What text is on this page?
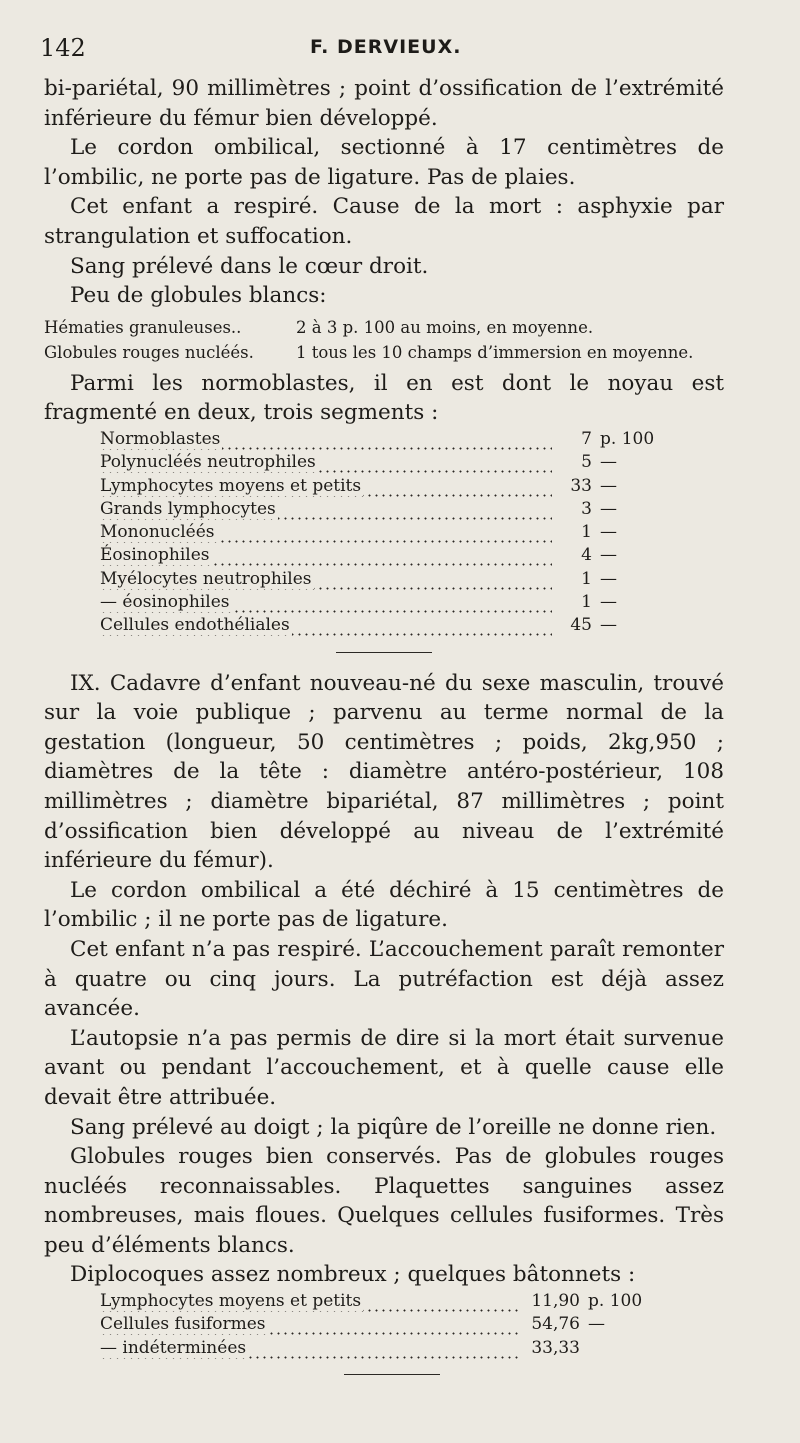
142	F. DERVIEUX.

bi-pariétal, 90 millimètres ; point d’ossification de l’extrémité inférieure du fémur bien développé.

Le cordon ombilical, sectionné à 17 centimètres de l’ombilic, ne porte pas de ligature. Pas de plaies.

Cet enfant a respiré. Cause de la mort : asphyxie par strangulation et suffocation.

Sang prélevé dans le cœur droit.

Peu de globules blancs:

Hématies granuleuses..	2 à 3 p. 100 au moins, en moyenne.
Globules rouges nucléés.	1 tous les 10 champs d’immersion en moyenne.

Parmi les normoblastes, il en est dont le noyau est fragmenté en deux, trois segments :

Normoblastes	7	p. 100
Polynucléés neutrophiles	5	—
Lymphocytes moyens et petits	33	—
Grands lymphocytes	3	—
Mononucléés	1	—
Éosinophiles	4	—
Myélocytes neutrophiles	1	—
— éosinophiles	1	—
Cellules endothéliales	45	—

IX. Cadavre d’enfant nouveau-né du sexe masculin, trouvé sur la voie publique ; parvenu au terme normal de la gestation (longueur, 50 centimètres ; poids, 2kg,950 ; diamètres de la tête : diamètre antéro-postérieur, 108 millimètres ; diamètre bipariétal, 87 millimètres ; point d’ossification bien développé au niveau de l’extrémité inférieure du fémur).

Le cordon ombilical a été déchiré à 15 centimètres de l’ombilic ; il ne porte pas de ligature.

Cet enfant n’a pas respiré. L’accouchement paraît remonter à quatre ou cinq jours. La putréfaction est déjà assez avancée.

L’autopsie n’a pas permis de dire si la mort était survenue avant ou pendant l’accouchement, et à quelle cause elle devait être attribuée.

Sang prélevé au doigt ; la piqûre de l’oreille ne donne rien.

Globules rouges bien conservés. Pas de globules rouges nucléés reconnaissables. Plaquettes sanguines assez nombreuses, mais floues. Quelques cellules fusiformes. Très peu d’éléments blancs.

Diplocoques assez nombreux ; quelques bâtonnets :

Lymphocytes moyens et petits	11,90	p. 100
Cellules fusiformes	54,76	—
— indéterminées	33,33	
